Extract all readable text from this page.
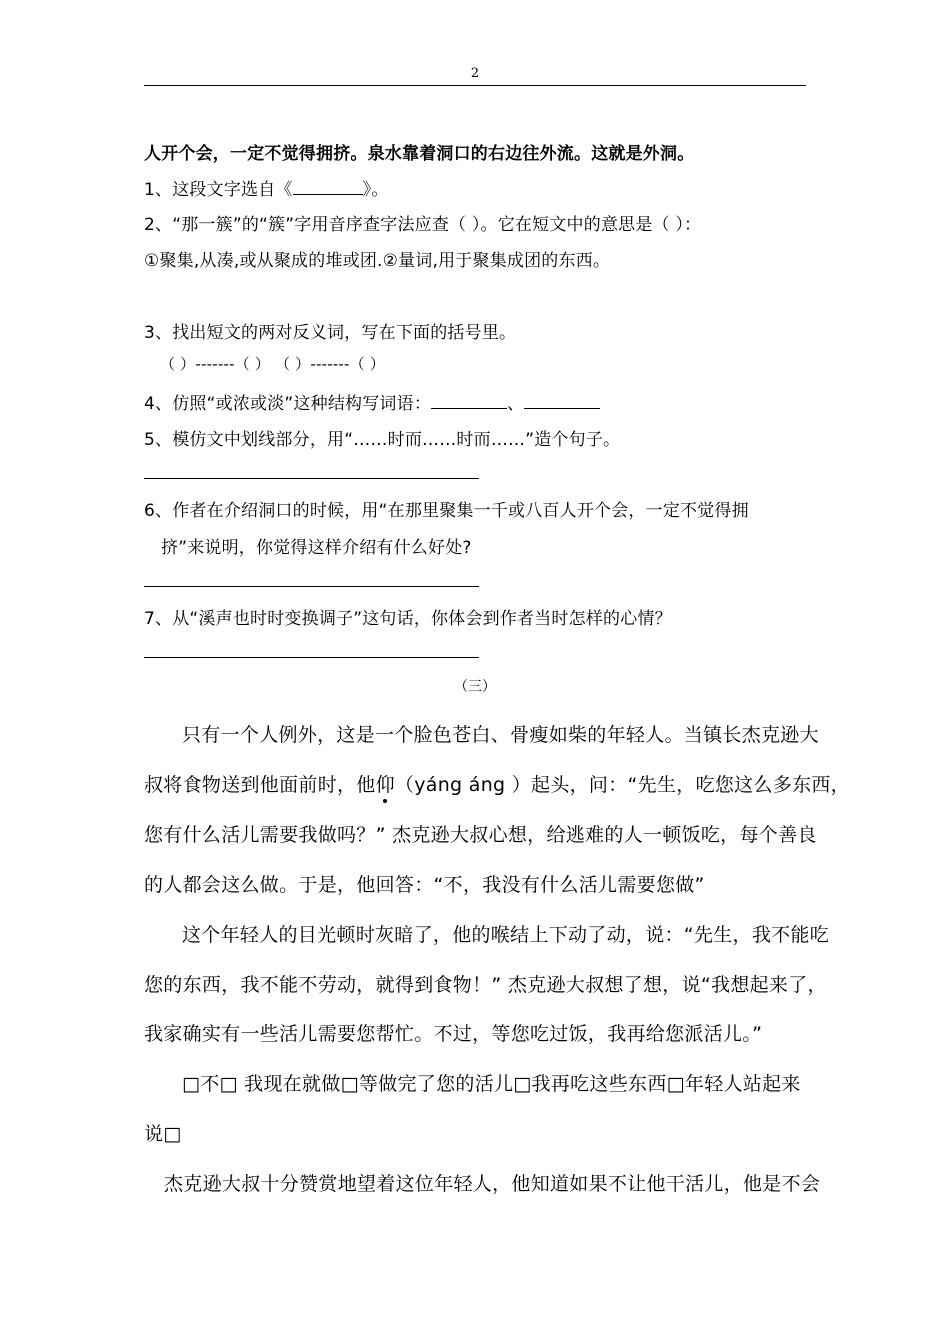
2
人开个会，一定不觉得拥挤。泉水靠着洞口的右边往外流。这就是外洞。
1、这段文字选自《	》。
2、“那一簇”的“簇”字用音序查字法应查（ ）。它在短文中的意思是（ ）：
①聚集,从凑,或从聚成的堆或团.②量词,用于聚集成团的东西。
3、找出短文的两对反义词，写在下面的括号里。
（ ）-------（ ） （ ）-------（ ）
4、仿照“或浓或淡”这种结构写词语：	、
5、模仿文中划线部分，用“……时而……时而……”造个句子。
6、作者在介绍洞口的时候，用“在那里聚集一千或八百人开个会，一定不觉得拥
挤”来说明，你觉得这样介绍有什么好处?
7、从“溪声也时时变换调子”这句话，你体会到作者当时怎样的心情？
（三）
只有一个人例外，这是一个脸色苍白、骨瘦如柴的年轻人。当镇长杰克逊大
叔将食物送到他面前时，他仰（yáng áng ）起头，问：“先生，吃您这么多东西，
您有什么活儿需要我做吗？” 杰克逊大叔心想，给逃难的人一顿饭吃，每个善良
的人都会这么做。于是，他回答：“不，我没有什么活儿需要您做”
这个年轻人的目光顿时灰暗了，他的喉结上下动了动，说：“先生，我不能吃
您的东西，我不能不劳动，就得到食物！” 杰克逊大叔想了想，说“我想起来了，
我家确实有一些活儿需要您帮忙。不过，等您吃过饭，我再给您派活儿。”
□不□ 我现在就做□等做完了您的活儿□我再吃这些东西□年轻人站起来
说□
杰克逊大叔十分赞赏地望着这位年轻人，他知道如果不让他干活儿，他是不会
